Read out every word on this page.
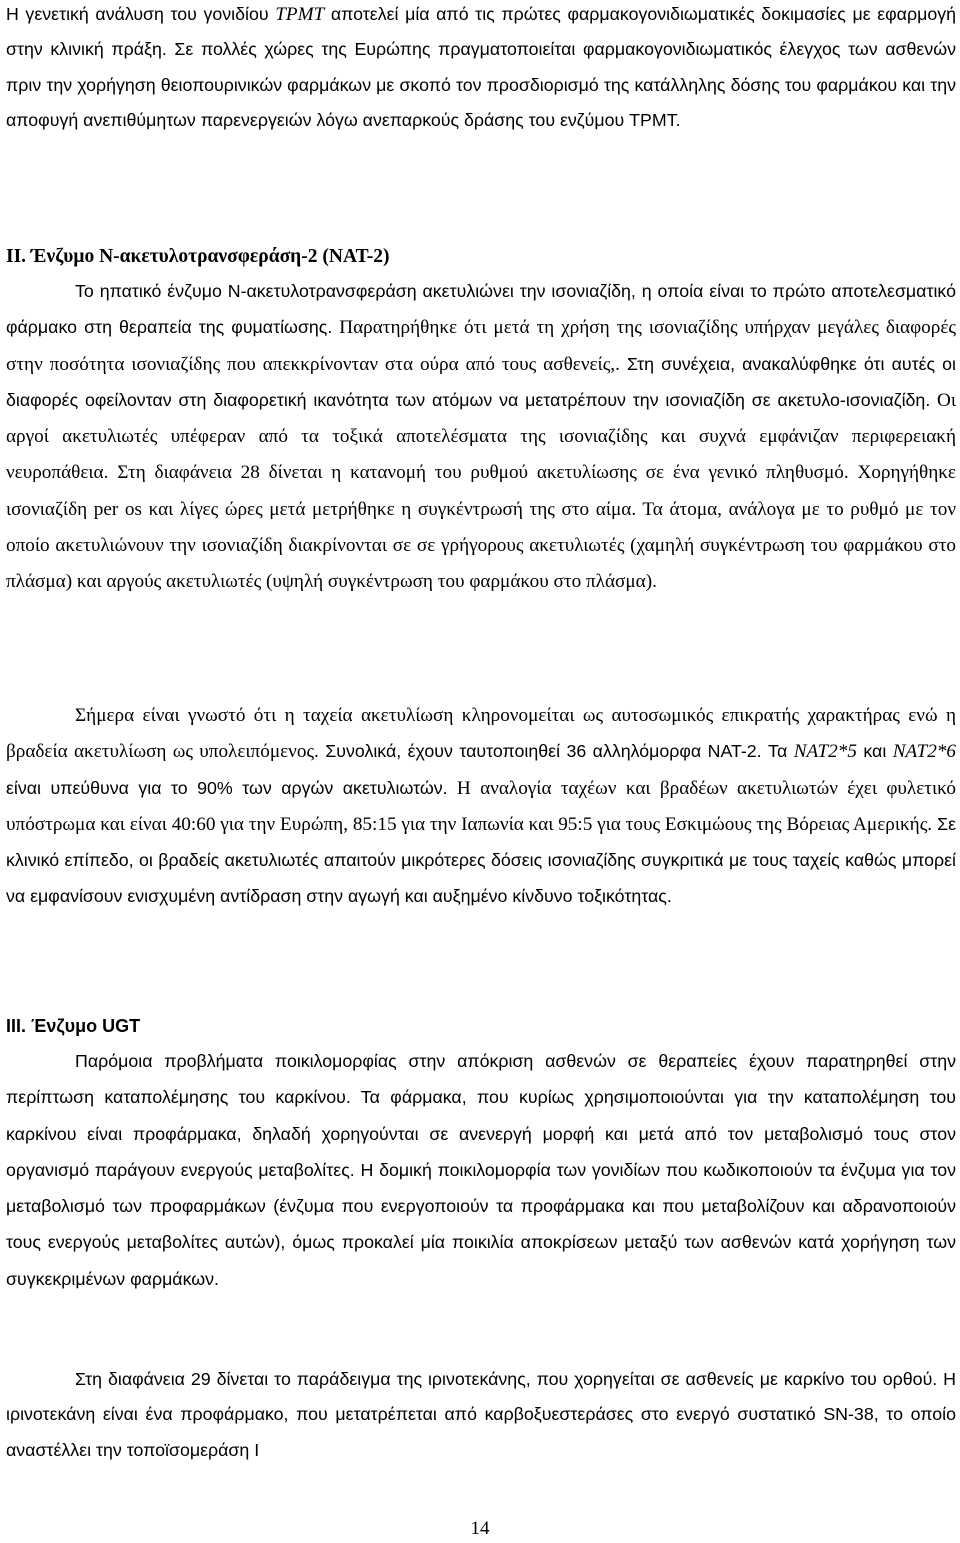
Η γενετική ανάλυση του γονιδίου TPMT αποτελεί μία από τις πρώτες φαρμακογονιδιωματικές δοκιμασίες με εφαρμογή στην κλινική πράξη. Σε πολλές χώρες της Ευρώπης πραγματοποιείται φαρμακογονιδιωματικός έλεγχος των ασθενών πριν την χορήγηση θειοπουρινικών φαρμάκων με σκοπό τον προσδιορισμό της κατάλληλης δόσης του φαρμάκου και την αποφυγή ανεπιθύμητων παρενεργειών λόγω ανεπαρκούς δράσης του ενζύμου TPMT.

II. Ένζυμο N-ακετυλοτρανσφεράση-2 (NAT-2)

Το ηπατικό ένζυμο N-ακετυλοτρανσφεράση ακετυλιώνει την ισονιαζίδη, η οποία είναι το πρώτο αποτελεσματικό φάρμακο στη θεραπεία της φυματίωσης. Παρατηρήθηκε ότι μετά τη χρήση της ισονιαζίδης υπήρχαν μεγάλες διαφορές στην ποσότητα ισονιαζίδης που απεκκρίνονταν στα ούρα από τους ασθενείς,. Στη συνέχεια, ανακαλύφθηκε ότι αυτές οι διαφορές οφείλονταν στη διαφορετική ικανότητα των ατόμων να μετατρέπουν την ισονιαζίδη σε ακετυλο-ισονιαζίδη. Οι αργοί ακετυλιωτές υπέφεραν από τα τοξικά αποτελέσματα της ισονιαζίδης και συχνά εμφάνιζαν περιφερειακή νευροπάθεια. Στη διαφάνεια 28 δίνεται η κατανομή του ρυθμού ακετυλίωσης σε ένα γενικό πληθυσμό. Χορηγήθηκε ισονιαζίδη per os και λίγες ώρες μετά μετρήθηκε η συγκέντρωσή της στο αίμα. Τα άτομα, ανάλογα με το ρυθμό με τον οποίο ακετυλιώνουν την ισονιαζίδη διακρίνονται σε σε γρήγορους ακετυλιωτές (χαμηλή συγκέντρωση του φαρμάκου στο πλάσμα) και αργούς ακετυλιωτές (υψηλή συγκέντρωση του φαρμάκου στο πλάσμα).

Σήμερα είναι γνωστό ότι η ταχεία ακετυλίωση κληρονομείται ως αυτοσωμικός επικρατής χαρακτήρας ενώ η βραδεία ακετυλίωση ως υπολειπόμενος. Συνολικά, έχουν ταυτοποιηθεί 36 αλληλόμορφα NAT-2. Τα NAT2*5 και NAT2*6 είναι υπεύθυνα για το 90% των αργών ακετυλιωτών. Η αναλογία ταχέων και βραδέων ακετυλιωτών έχει φυλετικό υπόστρωμα και είναι 40:60 για την Ευρώπη, 85:15 για την Ιαπωνία και 95:5 για τους Εσκιμώους της Βόρειας Αμερικής. Σε κλινικό επίπεδο, οι βραδείς ακετυλιωτές απαιτούν μικρότερες δόσεις ισονιαζίδης συγκριτικά με τους ταχείς καθώς μπορεί να εμφανίσουν ενισχυμένη αντίδραση στην αγωγή και αυξημένο κίνδυνο τοξικότητας.

III. Ένζυμο UGT

Παρόμοια προβλήματα ποικιλομορφίας στην απόκριση ασθενών σε θεραπείες έχουν παρατηρηθεί στην περίπτωση καταπολέμησης του καρκίνου. Τα φάρμακα, που κυρίως χρησιμοποιούνται για την καταπολέμηση του καρκίνου είναι προφάρμακα, δηλαδή χορηγούνται σε ανενεργή μορφή και μετά από τον μεταβολισμό τους στον οργανισμό παράγουν ενεργούς μεταβολίτες. Η δομική ποικιλομορφία των γονιδίων που κωδικοποιούν τα ένζυμα για τον μεταβολισμό των προφαρμάκων (ένζυμα που ενεργοποιούν τα προφάρμακα και που μεταβολίζουν και αδρανοποιούν τους ενεργούς μεταβολίτες αυτών), όμως προκαλεί μία ποικιλία αποκρίσεων μεταξύ των ασθενών κατά χορήγηση των συγκεκριμένων φαρμάκων.

Στη διαφάνεια 29 δίνεται το παράδειγμα της ιρινοτεκάνης, που χορηγείται σε ασθενείς με καρκίνο του ορθού. Η ιρινοτεκάνη είναι ένα προφάρμακο, που μετατρέπεται από καρβοξυεστεράσες στο ενεργό συστατικό SN-38, το οποίο αναστέλλει την τοποϊσομεράση Ι

14
